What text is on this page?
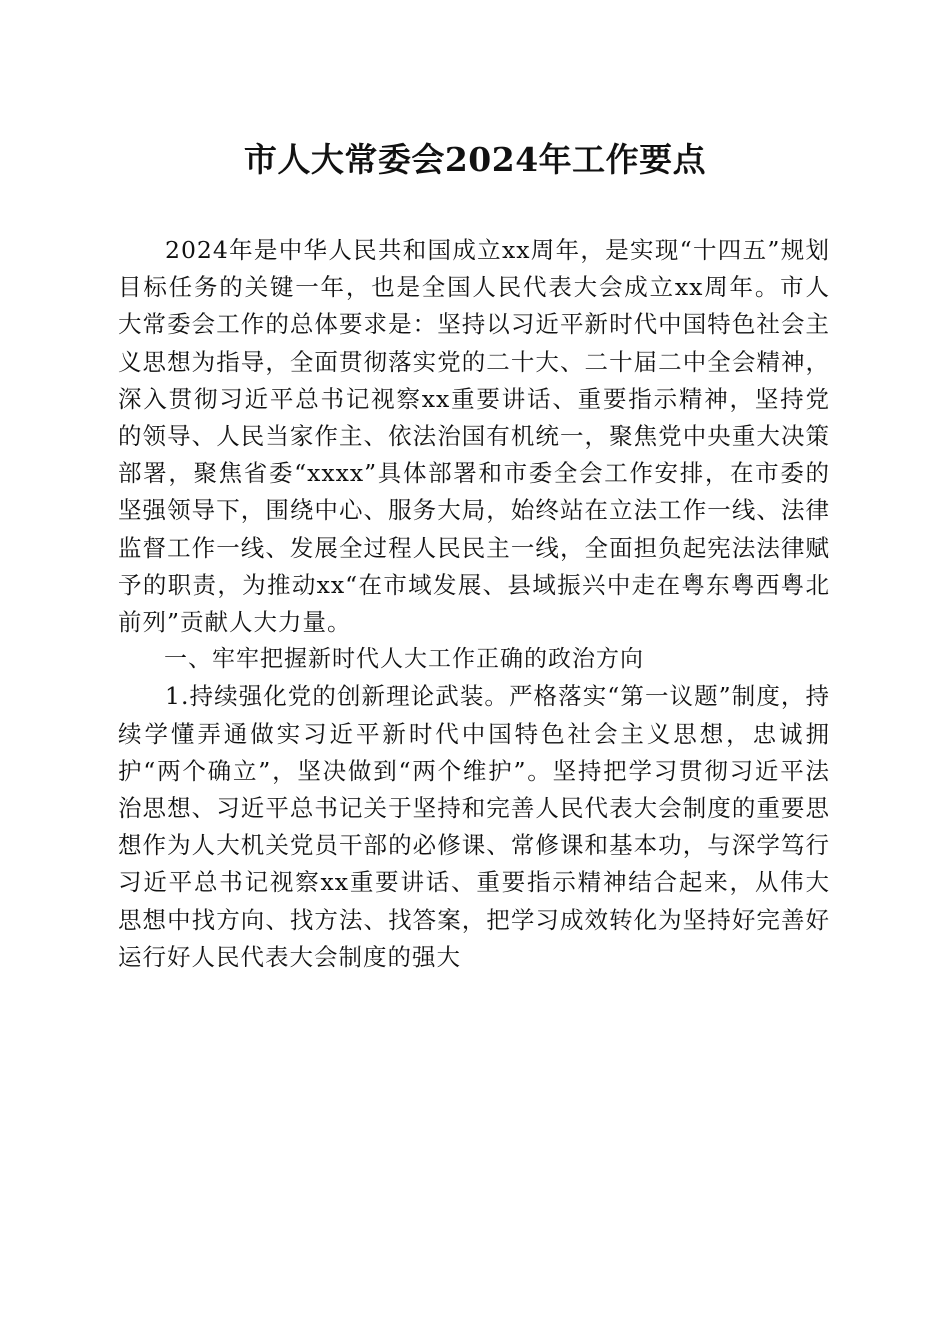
市人大常委会2024年工作要点

2024年是中华人民共和国成立xx周年，是实现“十四五”规划目标任务的关键一年，也是全国人民代表大会成立xx周年。市人大常委会工作的总体要求是：坚持以习近平新时代中国特色社会主义思想为指导，全面贯彻落实党的二十大、二十届二中全会精神，深入贯彻习近平总书记视察xx重要讲话、重要指示精神，坚持党的领导、人民当家作主、依法治国有机统一，聚焦党中央重大决策部署，聚焦省委“xxxx”具体部署和市委全会工作安排，在市委的坚强领导下，围绕中心、服务大局，始终站在立法工作一线、法律监督工作一线、发展全过程人民民主一线，全面担负起宪法法律赋予的职责，为推动xx“在市域发展、县域振兴中走在粤东粤西粤北前列”贡献人大力量。

一、牢牢把握新时代人大工作正确的政治方向

1.持续强化党的创新理论武装。严格落实“第一议题”制度，持续学懂弄通做实习近平新时代中国特色社会主义思想，忠诚拥护“两个确立”，坚决做到“两个维护”。坚持把学习贯彻习近平法治思想、习近平总书记关于坚持和完善人民代表大会制度的重要思想作为人大机关党员干部的必修课、常修课和基本功，与深学笃行习近平总书记视察xx重要讲话、重要指示精神结合起来，从伟大思想中找方向、找方法、找答案，把学习成效转化为坚持好完善好运行好人民代表大会制度的强大
